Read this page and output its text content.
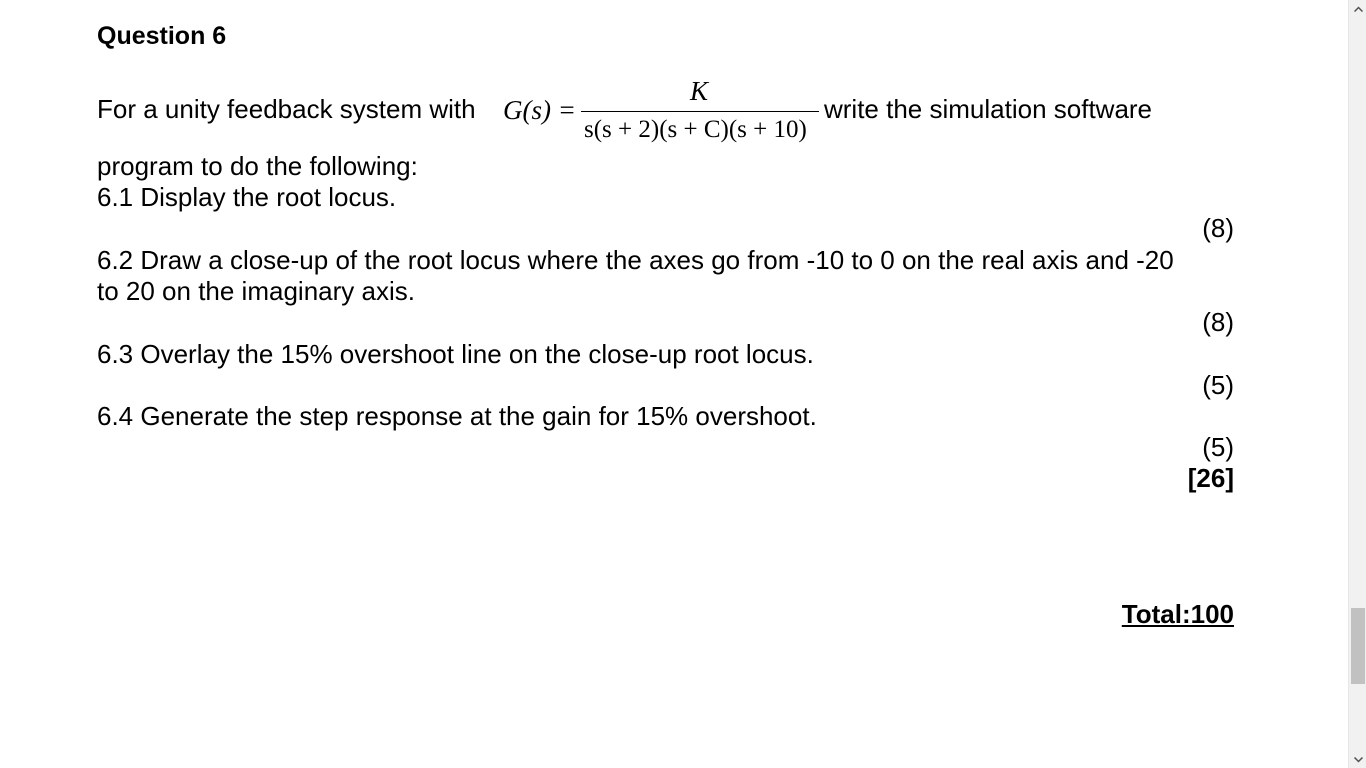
Question 6
For a unity feedback system with G(s) =
K
s(s + 2)(s + C)(s + 10)
write the simulation software
program to do the following:
6.1 Display the root locus.
(8)
6.2 Draw a close-up of the root locus where the axes go from -10 to 0 on the real axis and -20
to 20 on the imaginary axis.
(8)
6.3 Overlay the 15% overshoot line on the close-up root locus.
(5)
6.4 Generate the step response at the gain for 15% overshoot.
(5)
[26]
Total:100
